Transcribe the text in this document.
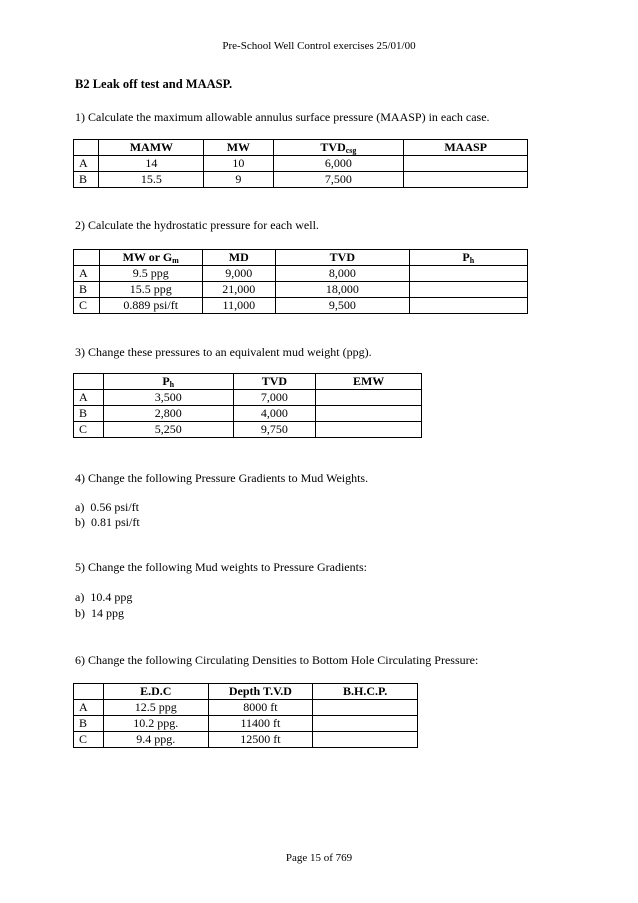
Pre-School Well Control exercises 25/01/00
B2 Leak off test and MAASP.
1) Calculate the maximum allowable annulus surface pressure (MAASP) in each case.
	MAMW	MW	$TVD_{csg}$	MAASP
A	14	10	6,000	
B	15.5	9	7,500	
2) Calculate the hydrostatic pressure for each well.
	MW or $G_m$	MD	TVD	$P_h$
A	9.5 ppg	9,000	8,000	
B	15.5 ppg	21,000	18,000	
C	0.889 psi/ft	11,000	9,500	
3) Change these pressures to an equivalent mud weight (ppg).
	$P_h$	TVD	EMW
A	3,500	7,000	
B	2,800	4,000	
C	5,250	9,750	
4) Change the following Pressure Gradients to Mud Weights.
a)  0.56 psi/ft
b)  0.81 psi/ft
5) Change the following Mud weights to Pressure Gradients:
a)  10.4 ppg
b)  14 ppg
6) Change the following Circulating Densities to Bottom Hole Circulating Pressure:
	E.D.C	Depth T.V.D	B.H.C.P.
A	12.5 ppg	8000 ft	
B	10.2 ppg.	11400 ft	
C	9.4 ppg.	12500 ft	
Page 15 of 769
